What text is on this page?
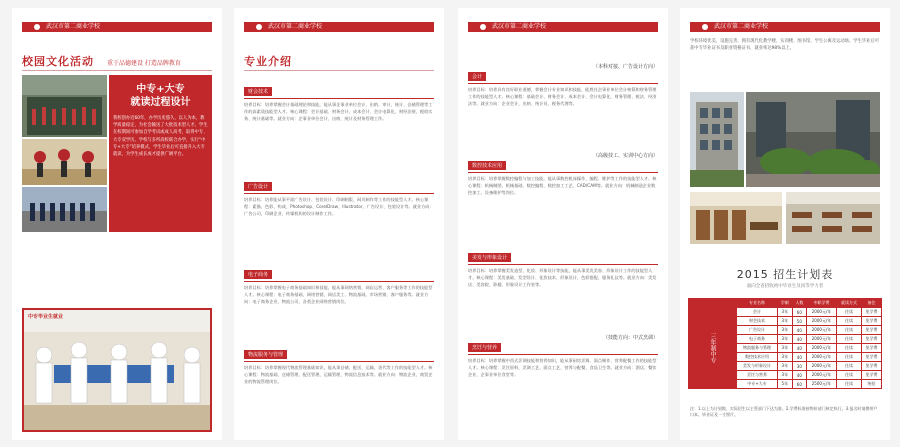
武汉市第二商业学校
校园文化活动 重于品德建设 打造品牌教育
中专+大专
就读过程设计
我校创办近60年，办学历史悠久，以人为本，教学质量稳定，为社会输送了大批技术型人才。学生在校期间可参加自学考试或成人高考，取得中专、大专双学历。学校与多所高校联合办学，实行“中专+大专”培养模式，学生毕业后可直接升入大专就读，为学生成长成才提供广阔平台。
中专毕业生就业
武汉市第二商业学校
专业介绍
财会技术
培养目标：培养掌握会计基础理论和技能，能从事企事业单位会计、出纳、审计、统计、仓储管理等工作的高素质技能型人才。核心课程：会计基础、财务会计、成本会计、会计电算化、财经法规、税收实务、统计基础等。就业方向：企事业单位会计、出纳、统计及财务管理工作。
广告设计
培养目标：培养能从事平面广告设计、包装设计、印刷制版、网页制作等工作的技能型人才。核心课程：素描、色彩、构成、Photoshop、CorelDraw、Illustrator、广告设计、包装设计等。就业方向：广告公司、印刷企业、传媒机构的设计制作工作。
电子商务
培养目标：培养掌握电子商务基础知识和技能，能从事网络营销、网店运营、客户服务等工作的技能型人才。核心课程：电子商务基础、网络营销、网店美工、物流基础、市场营销、客户服务等。就业方向：电子商务企业、物流公司、各类企业网络营销岗位。
物流服务与管理
培养目标：培养掌握现代物流管理基础知识，能从事仓储、配送、运输、货代等工作的技能型人才。核心课程：物流基础、仓储管理、配送管理、运输管理、物流信息技术等。就业方向：物流企业、商贸企业的物流管理岗位。
武汉市第二商业学校
会计
（本科对接、广告设计方向）
培养目标：培养具有良好职业道德，掌握会计专业知识和技能，能胜任企事业单位会计核算和财务管理工作的技能型人才。核心课程：基础会计、财务会计、成本会计、会计电算化、财务管理、税法、经济法等。就业方向：企业会计、出纳、统计员、税务代理等。
数控技术应用
（高级技工、实训中心方向）
培养目标：培养掌握数控编程与加工技能，能从事数控机床操作、编程、维护等工作的技能型人才。核心课程：机械制图、机械基础、数控编程、数控加工工艺、CAD/CAM等。就业方向：机械制造企业数控加工、设备维护等岗位。
美发与形象设计
培养目标：培养掌握美发造型、化妆、形象设计等技能，能从事美发美容、形象设计工作的技能型人才。核心课程：美发基础、发型设计、化妆技术、形象设计、色彩搭配、服务礼仪等。就业方向：美发店、美容院、影楼、形象设计工作室等。
烹饪与营养
（技能方向：中式烹调）
培养目标：培养掌握中西式烹调技能和营养知识，能从事厨房烹调、面点制作、营养配餐工作的技能型人才。核心课程：烹饪原料、烹调工艺、面点工艺、营养与配餐、食品卫生等。就业方向：酒店、餐饮企业、企事业单位食堂等。
武汉市第二商业学校
学校环境优美，设施完善，拥有现代化教学楼、实训楼、图书馆、学生公寓及运动场。学生毕业后可获中专毕业证书及职业资格证书，就业率达98%以上。
2015 招生计划表
面向全省招收初中毕业生及同等学力者
	专业名称	学制	人数	中职学费	就读方式	备注
三年制中专	会计	3年	60	2000元/年	住读	免学费
	财会技术	3年	50	2000元/年	住读	免学费
	广告设计	3年	40	2000元/年	住读	免学费
	电子商务	3年	40	2000元/年	住读	免学费
	物流服务与管理	3年	40	2000元/年	住读	免学费
	数控技术应用	3年	40	2000元/年	住读	免学费
	美发与形象设计	3年	30	2000元/年	住读	免学费
	烹饪与营养	3年	40	2000元/年	住读	免学费
	中专+大专	5年	60	2500元/年	住读	统招
注：1.以上为计划数，实际招生以主管部门下达为准。2.学费标准按物价部门核定执行。3.报名时请携带户口本、毕业证及一寸照片。
